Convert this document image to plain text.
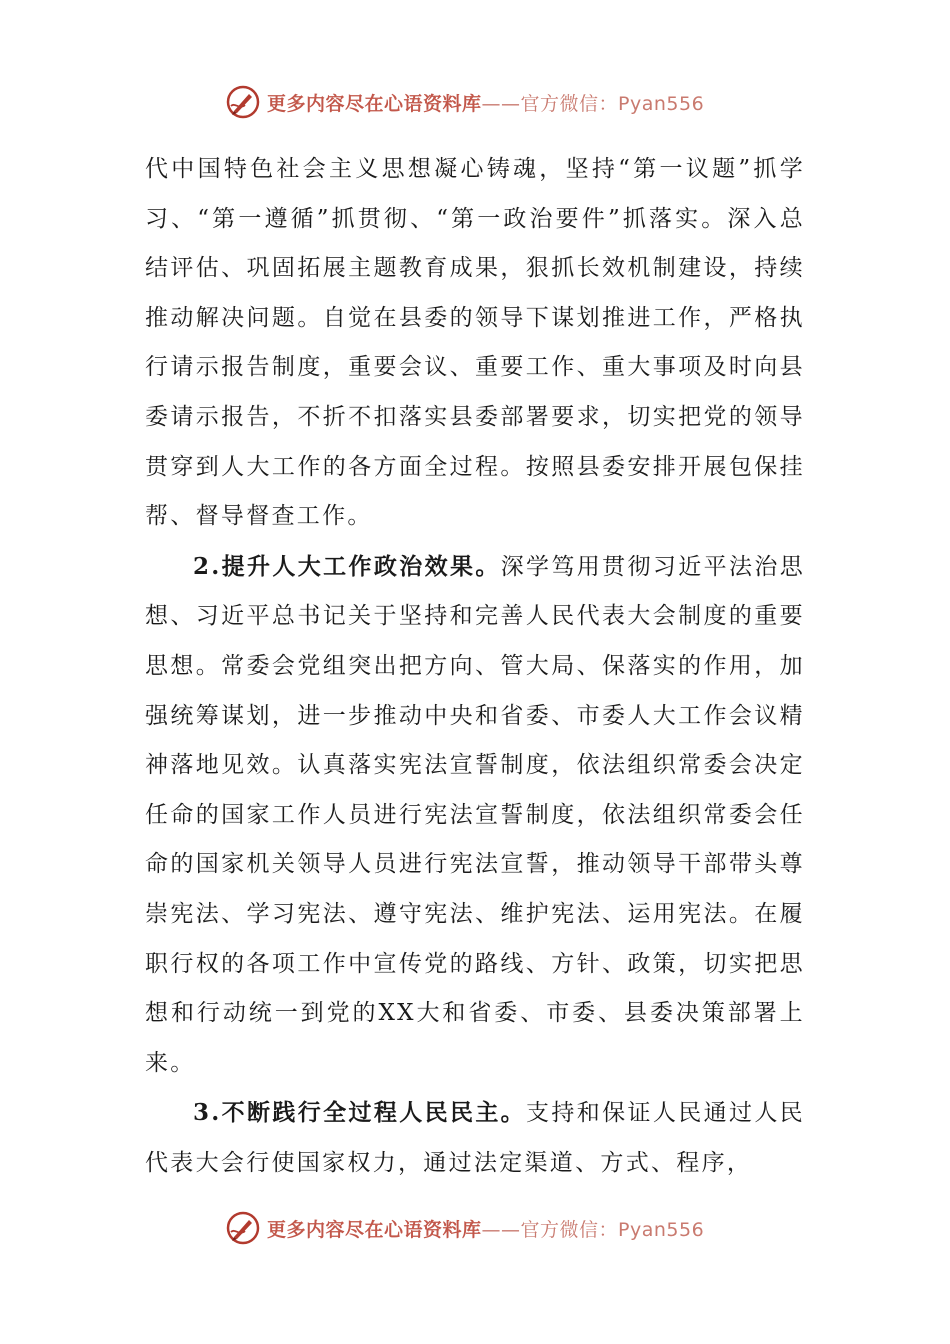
更多内容尽在心语资料库——官方微信：Pyan556

代中国特色社会主义思想凝心铸魂，坚持“第一议题”抓学习、“第一遵循”抓贯彻、“第一政治要件”抓落实。深入总结评估、巩固拓展主题教育成果，狠抓长效机制建设，持续推动解决问题。自觉在县委的领导下谋划推进工作，严格执行请示报告制度，重要会议、重要工作、重大事项及时向县委请示报告，不折不扣落实县委部署要求，切实把党的领导贯穿到人大工作的各方面全过程。按照县委安排开展包保挂帮、督导督查工作。

2.提升人大工作政治效果。深学笃用贯彻习近平法治思想、习近平总书记关于坚持和完善人民代表大会制度的重要思想。常委会党组突出把方向、管大局、保落实的作用，加强统筹谋划，进一步推动中央和省委、市委人大工作会议精神落地见效。认真落实宪法宣誓制度，依法组织常委会决定任命的国家工作人员进行宪法宣誓制度，依法组织常委会任命的国家机关领导人员进行宪法宣誓，推动领导干部带头尊崇宪法、学习宪法、遵守宪法、维护宪法、运用宪法。在履职行权的各项工作中宣传党的路线、方针、政策，切实把思想和行动统一到党的XX大和省委、市委、县委决策部署上来。

3.不断践行全过程人民民主。支持和保证人民通过人民代表大会行使国家权力，通过法定渠道、方式、程序，

更多内容尽在心语资料库——官方微信：Pyan556
